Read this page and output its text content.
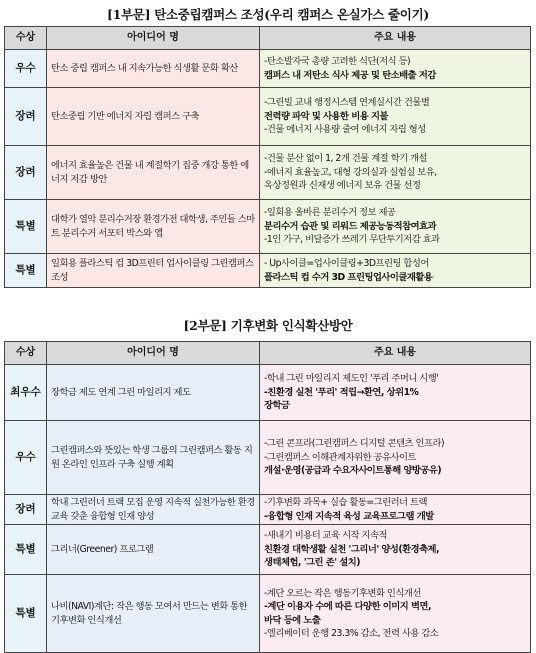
[1부문] 탄소중립캠퍼스 조성(우리 캠퍼스 온실가스 줄이기)
수상	아이디어 명	주요 내용
우수	탄소 중립 캠퍼스 내 지속가능한 식생활 문화 확산	-탄소발자국 총량 고려한 식단(저식 등)
캠퍼스 내 저탄소 식사 제공 및 탄소배출 저감

장려	탄소중립 기반 에너지 자립 캠퍼스 구축	-그린빌 교내 행정시스템 연계실시간 건물별
전력량 파악 및 사용한 비용 지불
-건물 에너지 사용량 줄여 에너지 자립 형성

장려	에너지 효율높은 건물 내 계절학기 집중 개강 통한 에너지 저감 방안	-건물 분산 없이 1, 2개 건물 계절 학기 개설
-에너지 효율높고, 대형 강의실과 실험실 보유,
옥상정원과 신재생 에너지 보유 건물 선정

특별	대학가 열악 분리수거장 환경가전 대학생, 주민들 스마트 분리수거 서포터 박스와 앱	-일회용 올바른 분리수거 정보 제공
분리수거 습관 및 리워드 제공능동적참여효과
-1인 가구, 비달증가 쓰레기 무단투기저감 효과

특별	일회용 플라스틱 컵 3D프린터 업사이클링 그린캠퍼스 조성	- Up사이클=업사이클링+3D프린팅 합성어
플라스틱 컵 수거 3D 프린팅업사이클재활용
[2부문] 기후변화 인식확산방안
수상	아이디어 명	주요 내용
최우수	장학금 제도 연계 그린 마일리지 제도	-학내 그린 마일리지 제도인 '푸리 주머니 시행'
-친환경 실천 '푸리' 적립→환연, 상위1%
장학금

우수	그린캠퍼스와 뜻있는 학생 그룹의 그린캠퍼스 활동 지원 온라인 인프라 구축 실행 계획	-그린 콘프라(그린캠퍼스 디지털 콘텐츠 인프라)
-그린캠퍼스 이해관계자위한 공유사이트
개설·운영(공급과 수요자사이트통해 양방공유)

장려	학내 그린러너 트랙 모집 운영 지속적 실천가능한 환경교육 갖춘 융합형 인재 양성	-기후변화 과목+ 실습 활동=그린러너 트랙
-융합형 인재 지속적 육성 교육프로그램 개발

특별	그리너(Greener) 프로그램	-새내기 비용터 교육 시작 지속적
친환경 대학생활 실천 '그리너' 양성(환경축제,
생태체험, '그린 존' 설치)

특별	나비(NAVI)계단: 작은 행동 모여서 만드는 변화 통한 기후변화 인식개선	-계단 오르는 작은 행동기후변화 인식개선
-계단 이용자 수에 따른 다양한 이미지 벽면,
바닥 등에 노출
-엘리베이터 운행 23.3% 감소, 전력 사용 감소
